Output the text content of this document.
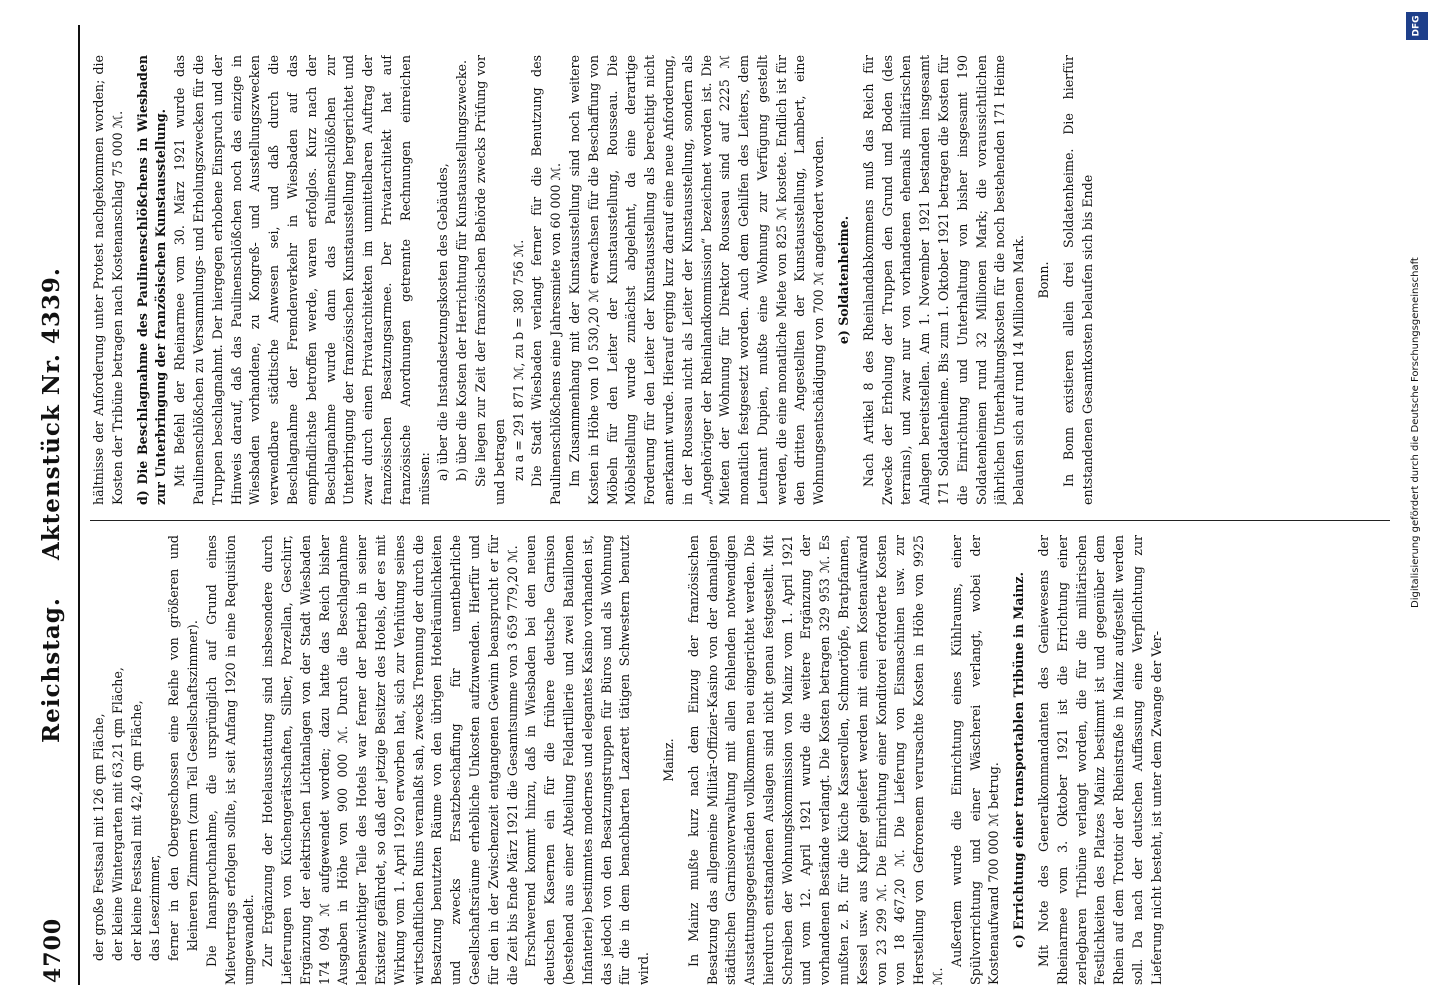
4700
Reichstag. Aktenstück Nr. 4339.

der große Festsaal mit 126 qm Fläche, der kleine Wintergarten mit 63,21 qm Fläche, der kleine Festsaal mit 42,40 qm Fläche, das Lesezimmer, ferner in den Obergeschossen eine Reihe von größeren und kleineren Zimmern (zum Teil Gesellschaftszimmer). Die Inanspruchnahme, die ursprünglich auf Grund eines Mietvertrags erfolgen sollte, ist seit Anfang 1920 in eine Requisition umgewandelt. Zur Ergänzung der Hotelausstattung sind insbesondere durch Lieferungen von Küchengerätschaften, Silber, Porzellan, Geschirr, Ergänzung der elektrischen Lichtanlagen von der Stadt Wiesbaden 174 094 ℳ aufgewendet worden; dazu hatte das Reich bisher Ausgaben in Höhe von 900 000 ℳ. Durch die Beschlagnahme lebenswichtiger Teile des Hotels war ferner der Betrieb in seiner Existenz gefährdet, so daß der jetzige Besitzer des Hotels, der es mit Wirkung vom 1. April 1920 erworben hat, sich zur Verhütung seines wirtschaftlichen Ruins veranlaßt sah, zwecks Trennung der durch die Besatzung benutzten Räume von den übrigen Hotelräumlichkeiten und zwecks Ersatzbeschaffung für unentbehrliche Gesellschaftsräume erhebliche Unkosten aufzuwenden. Hierfür und für den in der Zwischenzeit entgangenen Gewinn beansprucht er für die Zeit bis Ende März 1921 die Gesamtsumme von 3 659 779,20 ℳ. Erschwerend kommt hinzu, daß in Wiesbaden bei den neuen deutschen Kasernen ein für die frühere deutsche Garnison (bestehend aus einer Abteilung Feldartillerie und zwei Bataillonen Infanterie) bestimmtes modernes und elegantes Kasino vorhanden ist, das jedoch von den Besatzungstruppen für Büros und als Wohnung für die in dem benachbarten Lazarett tätigen Schwestern benutzt wird.

Mainz. In Mainz mußte kurz nach dem Einzug der französischen Besatzung das allgemeine Militär-Offizier-Kasino von der damaligen städtischen Garnisonverwaltung mit allen fehlenden notwendigen Ausstattungsgegenständen vollkommen neu eingerichtet werden. Die hierdurch entstandenen Auslagen sind nicht genau festgestellt. Mit Schreiben der Wohnungskommission von Mainz vom 1. April 1921 und vom 12. April 1921 wurde die weitere Ergänzung der vorhandenen Bestände verlangt. Die Kosten betragen 329 953 ℳ. Es mußten z. B. für die Küche Kasserollen, Schmortöpfe, Bratpfannen, Kessel usw. aus Kupfer geliefert werden mit einem Kostenaufwand von 23 299 ℳ. Die Einrichtung einer Konditorei erforderte Kosten von 18 467,20 ℳ. Die Lieferung von Eismaschinen usw. zur Herstellung von Gefrorenem verursachte Kosten in Höhe von 9925 ℳ.

Außerdem wurde die Einrichtung eines Kühlraums, einer Spülvorrichtung und einer Wäscherei verlangt, wobei der Kostenaufwand 700 000 ℳ betrug. c) Errichtung einer transportablen Tribüne in Mainz. Mit Note des Generalkommandanten des Geniewesens der Rheinarmee vom 3. Oktober 1921 ist die Errichtung einer zerlegbaren Tribüne verlangt worden, die für die militärischen Festlichkeiten des Platzes Mainz bestimmt ist und gegenüber dem Rhein auf dem Trottoir der Rheinstraße in Mainz aufgestellt werden soll. Da nach der deutschen Auffassung eine Verpflichtung zur Lieferung nicht besteht, ist unter dem Zwange der Ver-

hältnisse der Anforderung unter Protest nachgekommen worden; die Kosten der Tribüne betragen nach Kostenanschlag 75 000 ℳ. d) Die Beschlagnahme des Paulinenschlößchens in Wiesbaden zur Unterbringung der französischen Kunstausstellung. Mit Befehl der Rheinarmee vom 30. März 1921 wurde das Paulinenschlößchen zu Versammlungs- und Erholungszwecken für die Truppen beschlagnahmt. Der hiergegen erhobene Einspruch und der Hinweis darauf, daß das Paulinenschlößchen noch das einzige in Wiesbaden vorhandene, zu Kongreß- und Ausstellungszwecken verwendbare städtische Anwesen sei, und daß durch die Beschlagnahme der Fremdenverkehr in Wiesbaden auf das empfindlichste betroffen werde, waren erfolglos. Kurz nach der Beschlagnahme wurde dann das Paulinenschlößchen zur Unterbringung der französischen Kunstausstellung hergerichtet und zwar durch einen Privatarchitekten im unmittelbaren Auftrag der französischen Besatzungsarmee. Der Privatarchitekt hat auf französische Anordnungen getrennte Rechnungen einreichen müssen: a) über die Instandsetzungskosten des Gebäudes, b) über die Kosten der Herrichtung für Kunstausstellungszwecke. Sie liegen zur Zeit der französischen Behörde zwecks Prüfung vor und betragen zu a = 291 871 ℳ, zu b = 380 756 ℳ. Die Stadt Wiesbaden verlangt ferner für die Benutzung des Paulinenschlößchens eine Jahresmiete von 60 000 ℳ. Im Zusammenhang mit der Kunstausstellung sind noch weitere Kosten in Höhe von 10 530,20 ℳ erwachsen für die Beschaffung von Möbeln für den Leiter der Kunstausstellung, Rousseau. Die Möbelstellung wurde zunächst abgelehnt, da eine derartige Forderung für den Leiter der Kunstausstellung als berechtigt nicht anerkannt wurde. Hierauf erging kurz darauf eine neue Anforderung, in der Rousseau nicht als Leiter der Kunstausstellung, sondern als „Angehöriger der Rheinlandkommission“ bezeichnet worden ist. Die Mieten der Wohnung für Direktor Rousseau sind auf 2225 ℳ monatlich festgesetzt worden. Auch dem Gehilfen des Leiters, dem Leutnant Dupien, mußte eine Wohnung zur Verfügung gestellt werden, die eine monatliche Miete von 825 ℳ kostete. Endlich ist für den dritten Angestellten der Kunstausstellung, Lambert, eine Wohnungsentschädigung von 700 ℳ angefordert worden. e) Soldatenheime. Nach Artikel 8 des Rheinlandabkommens muß das Reich für Zwecke der Erholung der Truppen den Grund und Boden (des terrains), und zwar nur von vorhandenen ehemals militärischen Anlagen bereitstellen. Am 1. November 1921 bestanden insgesamt 171 Soldatenheime. Bis zum 1. Oktober 1921 betragen die Kosten für die Einrichtung und Unterhaltung von bisher insgesamt 190 Soldatenheimen rund 32 Millionen Mark; die voraussichtlichen jährlichen Unterhaltungskosten für die noch bestehenden 171 Heime belaufen sich auf rund 14 Millionen Mark. Bonn. In Bonn existieren allein drei Soldatenheime. Die hierfür entstandenen Gesamtkosten belaufen sich bis Ende

DFG
Digitalisierung gefördert durch die Deutsche Forschungsgemeinschaft
